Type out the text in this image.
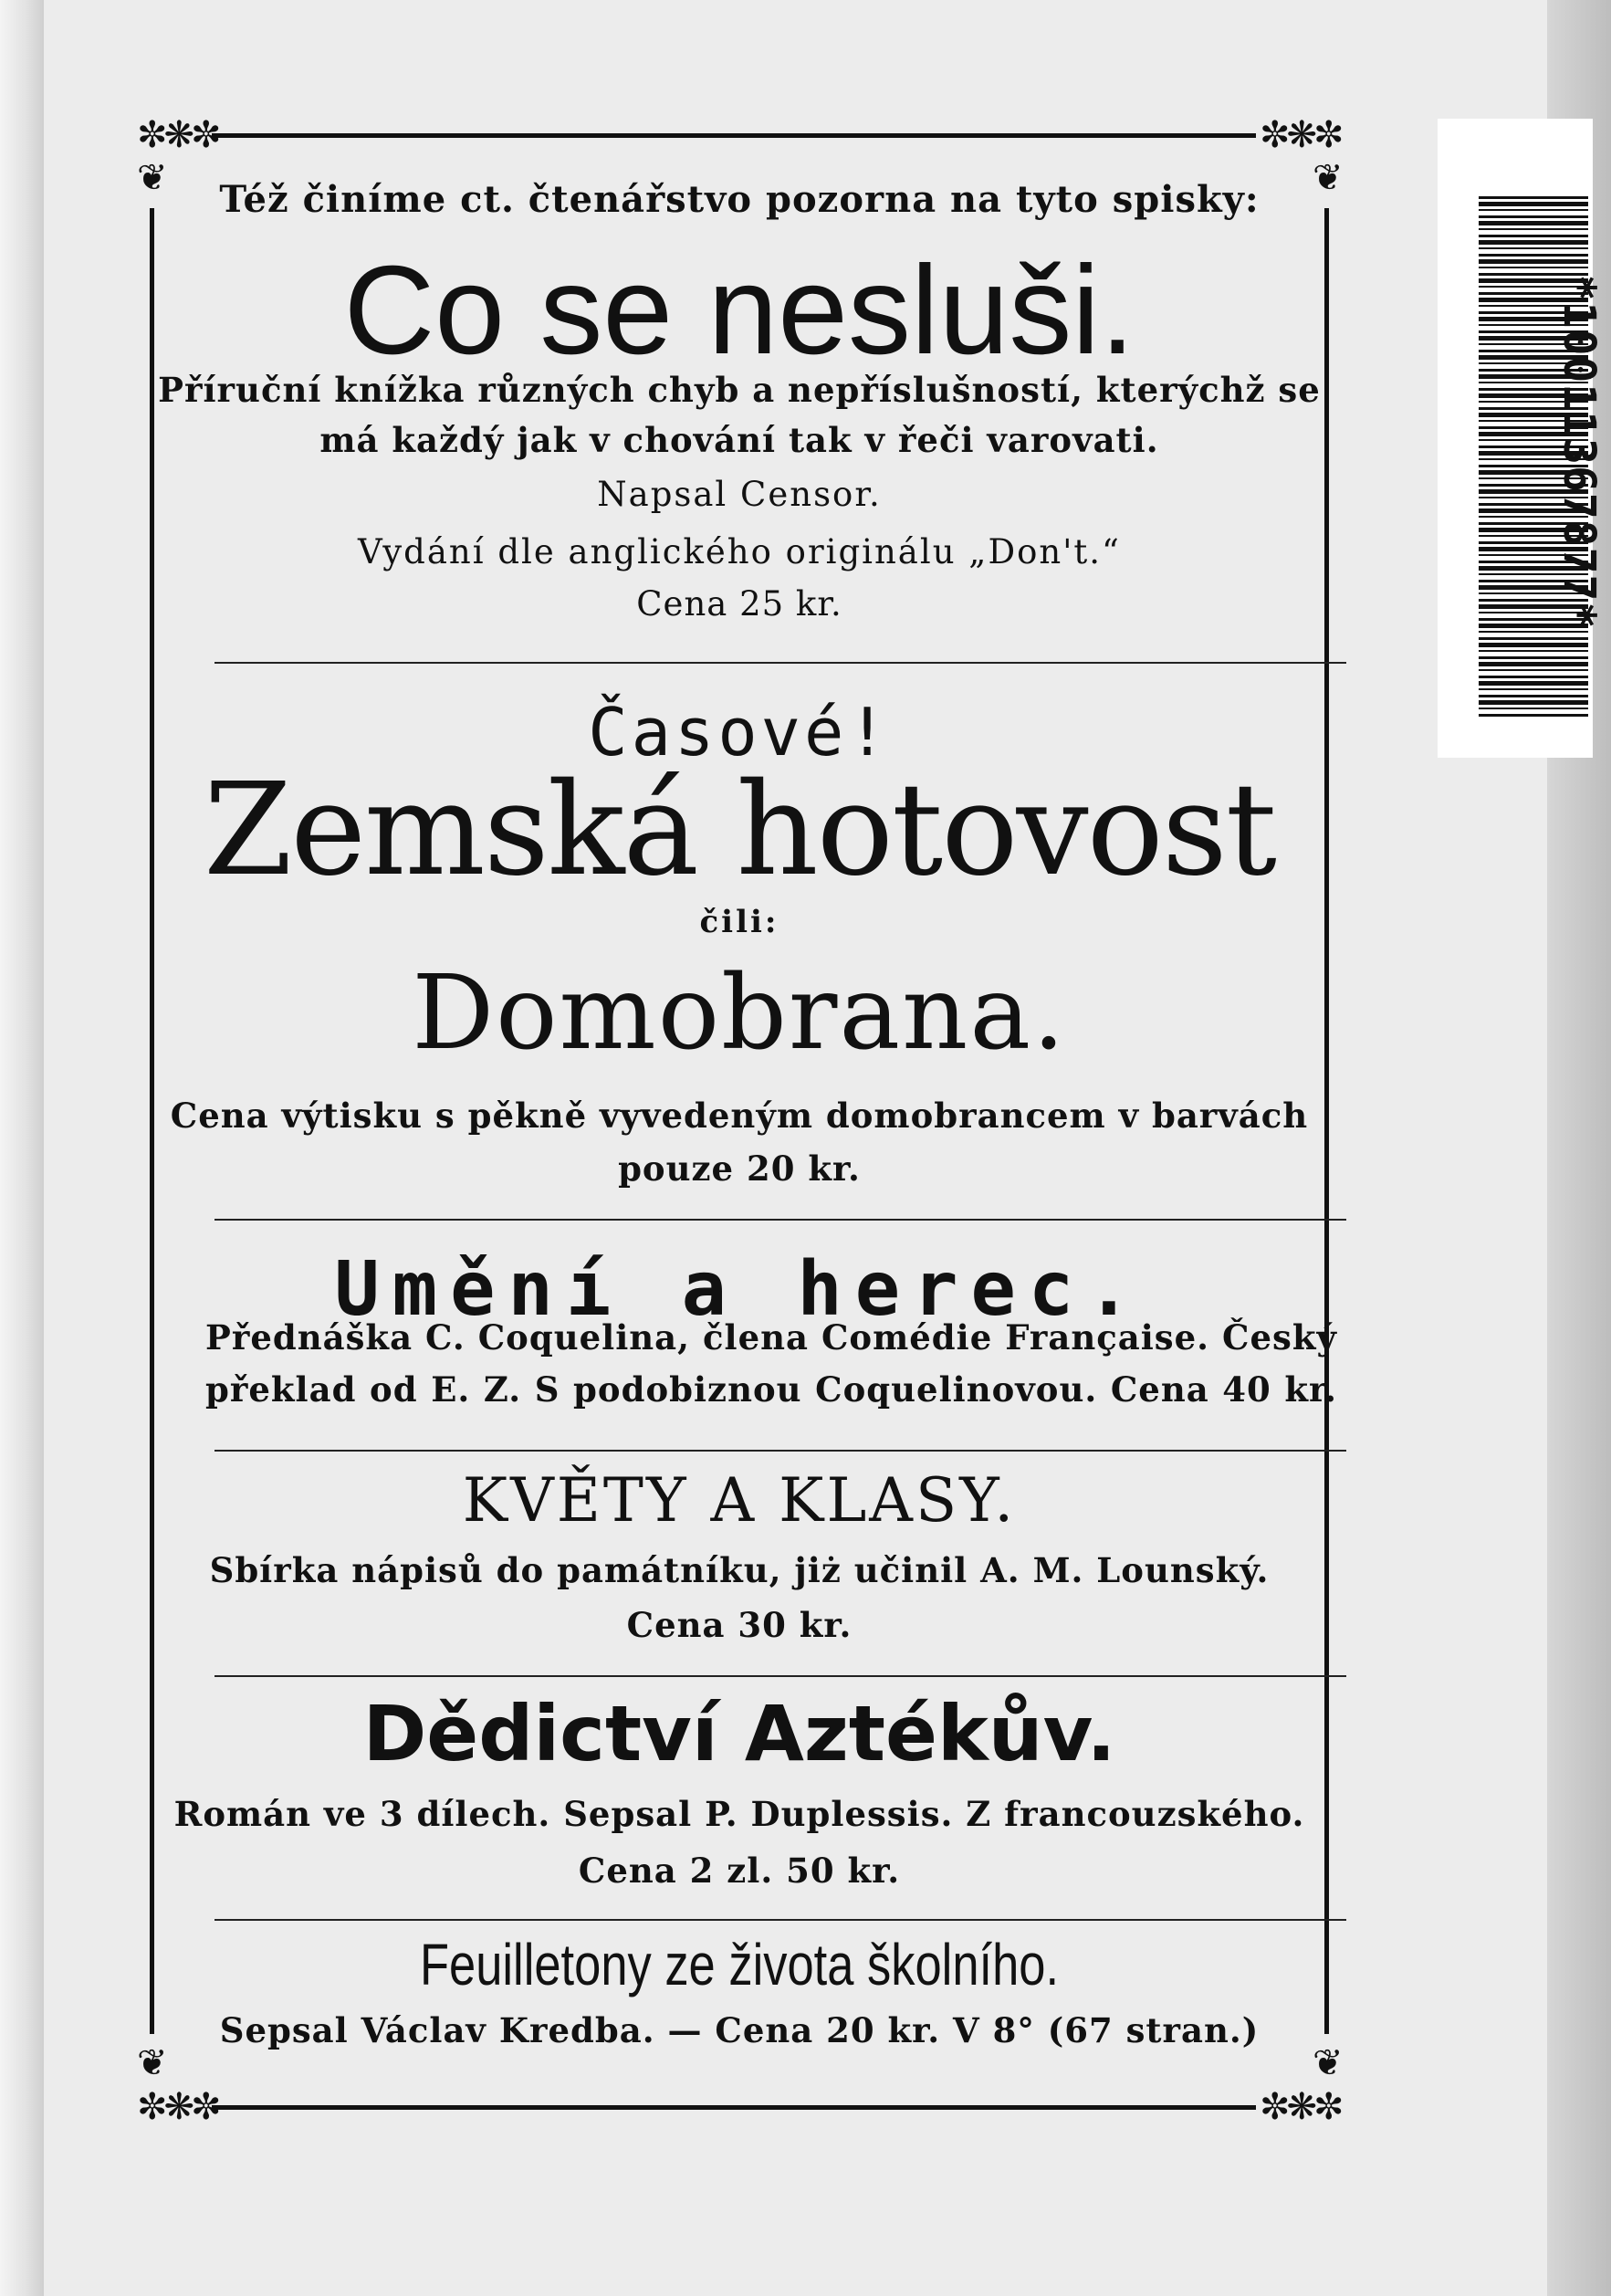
*10011367877*
✼❋✼	✼❋✼
✼❋✼	✼❋✼
❦	❦
❦	❦

Též činíme ct. čtenářstvo pozorna na tyto spisky:

Co se nesluši.

Příruční knížka různých chyb a nepříslušností, kterýchž se

má každý jak v chování tak v řeči varovati.

Napsal Censor.

Vydání dle anglického originálu „Don't.“

Cena 25 kr.

Časové!

Zemská hotovost

čili:

Domobrana.

Cena výtisku s pěkně vyvedeným domobrancem v barvách

pouze 20 kr.

Umění a herec.

Přednáška C. Coquelina, člena Comédie Française. Český

překlad od E. Z. S podobiznou Coquelinovou. Cena 40 kr.

KVĚTY A KLASY.

Sbírka nápisů do památníku, jiż učinil A. M. Lounský.

Cena 30 kr.

Dědictví Aztékův.

Román ve 3 dílech. Sepsal P. Duplessis. Z francouzského.

Cena 2 zl. 50 kr.

Feuilletony ze života školního.

Sepsal Václav Kredba. — Cena 20 kr. V 8° (67 stran.)
